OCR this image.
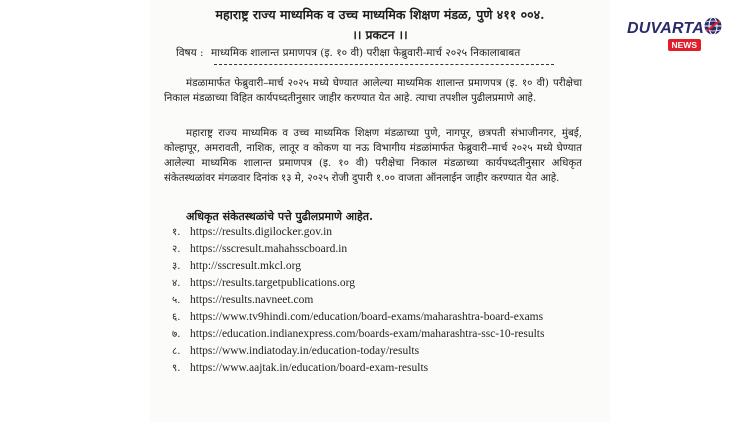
महाराष्ट्र राज्य माध्यमिक व उच्च माध्यमिक शिक्षण मंडळ, पुणे ४११ ००४.
।। प्रकटन ।।
विषय : माध्यमिक शालान्त प्रमाणपत्र (इ. १० वी) परीक्षा फेब्रुवारी-मार्च २०२५ निकालाबाबत
मंडळामार्फत फेब्रुवारी–मार्च २०२५ मध्ये घेण्यात आलेल्या माध्यमिक शालान्त प्रमाणपत्र (इ. १० वी) परीक्षेचा निकाल मंडळाच्या विहित कार्यपध्दतीनुसार जाहीर करण्यात येत आहे. त्याचा तपशील पुढीलप्रमाणे आहे.
महाराष्ट्र राज्य माध्यमिक व उच्च माध्यमिक शिक्षण मंडळाच्या पुणे, नागपूर, छत्रपती संभाजीनगर, मुंबई, कोल्हापूर, अमरावती, नाशिक, लातूर व कोकण या नऊ विभागीय मंडळांमार्फत फेब्रुवारी–मार्च २०२५ मध्ये घेण्यात आलेल्या माध्यमिक शालान्त प्रमाणपत्र (इ. १० वी) परीक्षेचा निकाल मंडळाच्या कार्यपध्दतीनुसार अधिकृत संकेतस्थळांवर मंगळवार दिनांक १३ मे, २०२५ रोजी दुपारी १.०० वाजता ऑनलाईन जाहीर करण्यात येत आहे.
अधिकृत संकेतस्थळांचे पत्ते पुढीलप्रमाणे आहेत.
१. https://results.digilocker.gov.in
२. https://sscresult.mahahsscboard.in
३. http://sscresult.mkcl.org
४. https://results.targetpublications.org
५. https://results.navneet.com
६. https://www.tv9hindi.com/education/board-exams/maharashtra-board-exams
७. https://education.indianexpress.com/boards-exam/maharashtra-ssc-10-results
८. https://www.indiatoday.in/education-today/results
९. https://www.aajtak.in/education/board-exam-results
DUVARTA
NEWS
